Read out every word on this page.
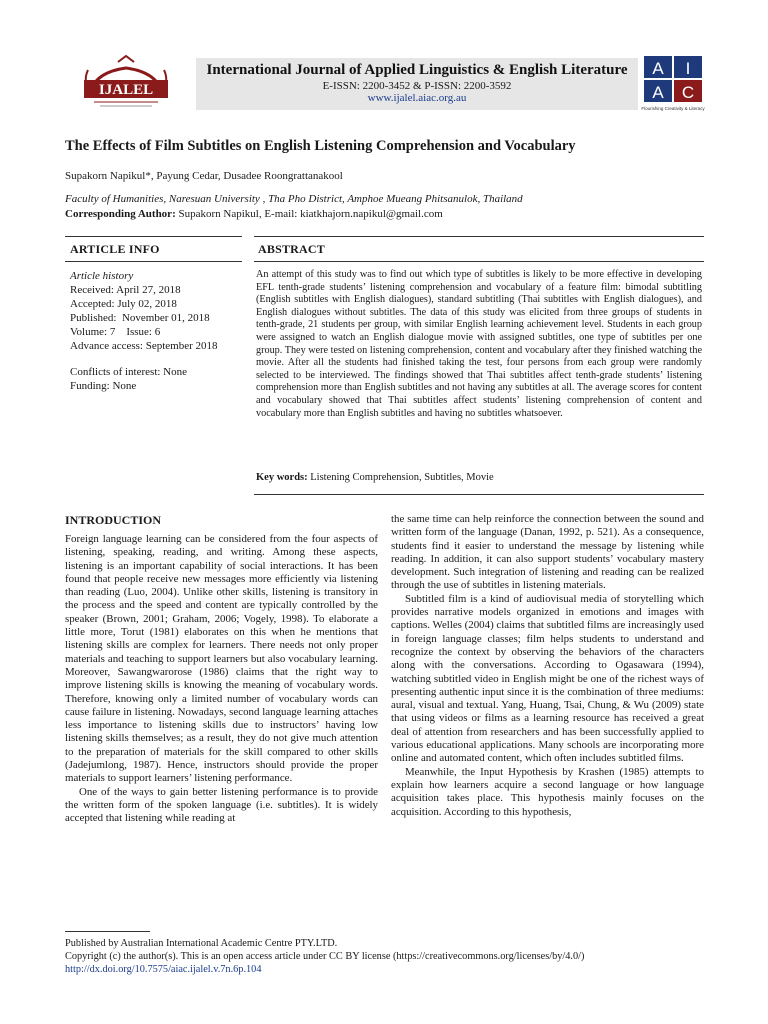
IJALEL
International Journal of Applied Linguistics & English Literature
E-ISSN: 2200-3452 & P-ISSN: 2200-3592
www.ijalel.aiac.org.au
A I
A C
Flourishing Creativity & Literacy
The Effects of Film Subtitles on English Listening Comprehension and Vocabulary
Supakorn Napikul*, Payung Cedar, Dusadee Roongrattanakool
Faculty of Humanities, Naresuan University , Tha Pho District, Amphoe Mueang Phitsanulok, Thailand
Corresponding Author: Supakorn Napikul, E-mail: kiatkhajorn.napikul@gmail.com
ARTICLE INFO	ABSTRACT
Article history
Received: April 27, 2018
Accepted: July 02, 2018
Published:  November 01, 2018
Volume: 7    Issue: 6
Advance access: September 2018
Conflicts of interest: None
Funding: None
An attempt of this study was to find out which type of subtitles is likely to be more effective in developing EFL tenth-grade students’ listening comprehension and vocabulary of a feature film: bimodal subtitling (English subtitles with English dialogues), standard subtitling (Thai subtitles with English dialogues), and English dialogues without subtitles. The data of this study was elicited from three groups of students in tenth-grade, 21 students per group, with similar English learning achievement level. Students in each group were assigned to watch an English dialogue movie with assigned subtitles, one type of subtitles per one group. They were tested on listening comprehension, content and vocabulary after they finished watching the movie. After all the students had finished taking the test, four persons from each group were randomly selected to be interviewed. The findings showed that Thai subtitles affect tenth-grade students’ listening comprehension more than English subtitles and not having any subtitles at all. The average scores for content and vocabulary showed that Thai subtitles affect students’ listening comprehension of content and vocabulary more than English subtitles and having no subtitles whatsoever.
Key words: Listening Comprehension, Subtitles, Movie
INTRODUCTION

Foreign language learning can be considered from the four aspects of listening, speaking, reading, and writing. Among these aspects, listening is an important capability of social interactions. It has been found that people receive new messages more efficiently via listening than reading (Luo, 2004). Unlike other skills, listening is transitory in the process and the speed and content are typically controlled by the speaker (Brown, 2001; Graham, 2006; Vogely, 1998). To elaborate a little more, Torut (1981) elaborates on this when he mentions that listening skills are complex for learners. There needs not only proper materials and teaching to support learners but also vocabulary learning. Moreover, Sawangwarorose (1986) claims that the right way to improve listening skills is knowing the meaning of vocabulary words. Therefore, knowing only a limited number of vocabulary words can cause failure in listening. Nowadays, second language learning attaches less importance to listening skills due to instructors’ having low listening skills themselves; as a result, they do not give much attention to the preparation of materials for the skill compared to other skills (Jadejumlong, 1987). Hence, instructors should provide the proper materials to support learners’ listening performance.

One of the ways to gain better listening performance is to provide the written form of the spoken language (i.e. subtitles). It is widely accepted that listening while reading at

the same time can help reinforce the connection between the sound and written form of the language (Danan, 1992, p. 521). As a consequence, students find it easier to understand the message by listening while reading. In addition, it can also support students’ vocabulary mastery development. Such integration of listening and reading can be realized through the use of subtitles in listening materials.

Subtitled film is a kind of audiovisual media of storytelling which provides narrative models organized in emotions and images with captions. Welles (2004) claims that subtitled films are increasingly used in foreign language classes; film helps students to understand and recognize the context by observing the behaviors of the characters along with the conversations. According to Ogasawara (1994), watching subtitled video in English might be one of the richest ways of presenting authentic input since it is the combination of three mediums: aural, visual and textual. Yang, Huang, Tsai, Chung, & Wu (2009) state that using videos or films as a learning resource has received a great deal of attention from researchers and has been successfully applied to various educational applications. Many schools are incorporating more online and automated content, which often includes subtitled films.

Meanwhile, the Input Hypothesis by Krashen (1985) attempts to explain how learners acquire a second language or how language acquisition takes place. This hypothesis mainly focuses on the acquisition. According to this hypothesis,

Published by Australian International Academic Centre PTY.LTD.
Copyright (c) the author(s). This is an open access article under CC BY license (https://creativecommons.org/licenses/by/4.0/)
http://dx.doi.org/10.7575/aiac.ijalel.v.7n.6p.104
